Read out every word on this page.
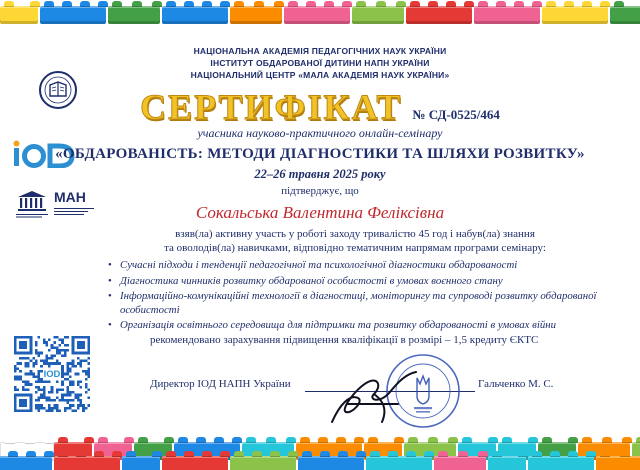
НАЦІОНАЛЬНА АКАДЕМІЯ ПЕДАГОГІЧНИХ НАУК УКРАЇНИ
ІНСТИТУТ ОБДАРОВАНОЇ ДИТИНИ НАПН УКРАЇНИ
НАЦІОНАЛЬНИЙ ЦЕНТР «МАЛА АКАДЕМІЯ НАУК УКРАЇНИ»
МАН
СЕРТИФІКАТ № СД-0525/464
учасника науково-практичного онлайн-семінару
«ОБДАРОВАНІСТЬ: МЕТОДИ ДІАГНОСТИКИ ТА ШЛЯХИ РОЗВИТКУ»
22–26 травня 2025 року
підтверджує, що
Сокальська Валентина Феліксівна
взяв(ла) активну участь у роботі заходу тривалістю 45 год і набув(ла) знання
та оволодів(ла) навичками, відповідно тематичним напрямам програми семінару:
• Сучасні підходи і тенденції педагогічної та психологічної діагностики обдарованості
• Діагностика чинників розвитку обдарованої особистості в умовах воєнного стану
• Інформаційно-комунікаційні технології в діагностиці, моніторингу та супроводі розвитку обдарованої особистості
• Організація освітнього середовища для підтримки та розвитку обдарованості в умовах війни
рекомендовано зарахування підвищення кваліфікації в розмірі – 1,5 кредиту ЄКТС
IOD
Директор ІОД НАПН України	Гальченко М. С.
